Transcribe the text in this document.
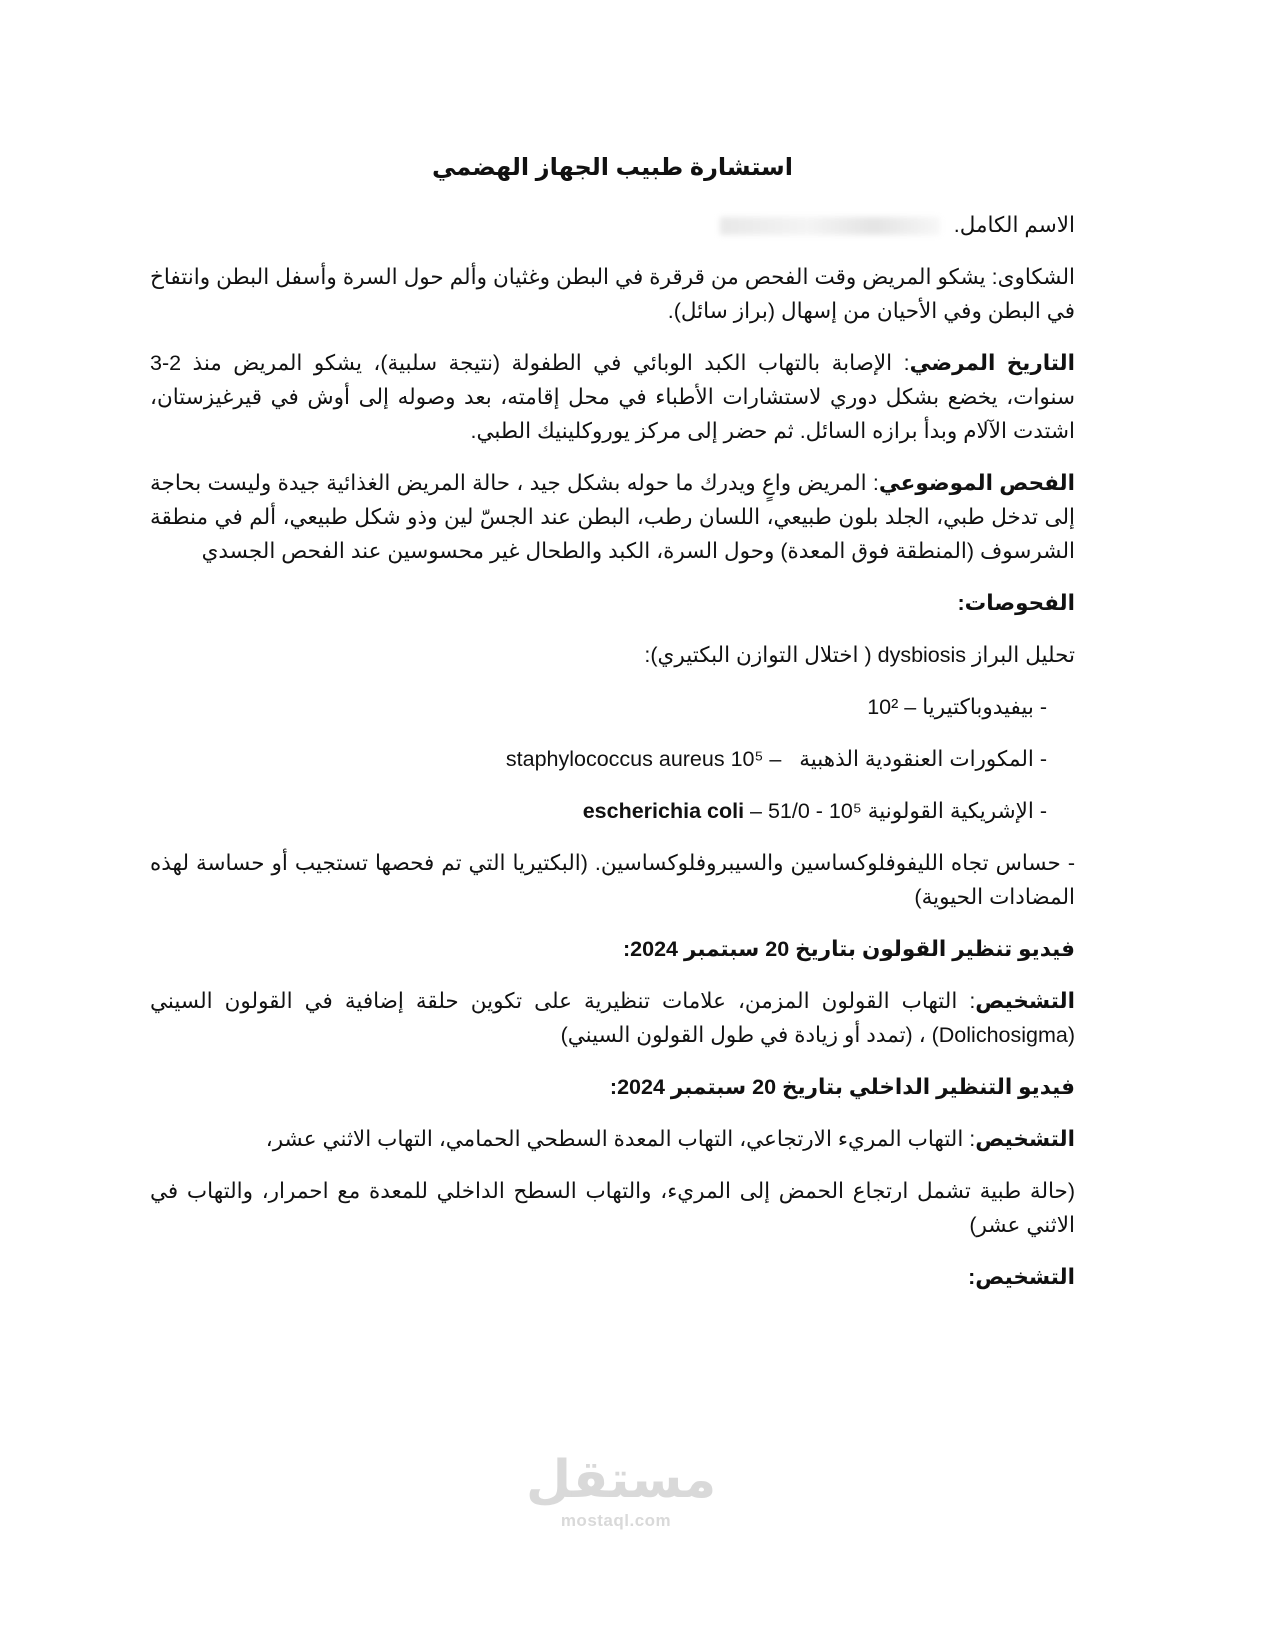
استشارة طبيب الجهاز الهضمي

الاسم الكامل.

الشكاوى: يشكو المريض وقت الفحص من قرقرة في البطن وغثيان وألم حول السرة وأسفل البطن وانتفاخ في البطن وفي الأحيان من إسهال (براز سائل).

التاريخ المرضي: الإصابة بالتهاب الكبد الوبائي في الطفولة (نتيجة سلبية)، يشكو المريض منذ 2-3 سنوات، يخضع بشكل دوري لاستشارات الأطباء في محل إقامته، بعد وصوله إلى أوش في قيرغيزستان، اشتدت الآلام وبدأ برازه السائل. ثم حضر إلى مركز يوروكلينيك الطبي.

الفحص الموضوعي: المريض واعٍ ويدرك ما حوله بشكل جيد ، حالة المريض الغذائية جيدة وليست بحاجة إلى تدخل طبي، الجلد بلون طبيعي، اللسان رطب، البطن عند الجسّ لين وذو شكل طبيعي، ألم في منطقة الشرسوف (المنطقة فوق المعدة) وحول السرة، الكبد والطحال غير محسوسين عند الفحص الجسدي

الفحوصات:

تحليل البراز dysbiosis ( اختلال التوازن البكتيري):

- بيفيدوباكتيريا – 10²

- المكورات العنقودية الذهبية   staphylococcus aureus 10⁵ –

- الإشريكية القولونية escherichia coli – 51/0 - 10⁵

- حساس تجاه الليفوفلوكساسين والسيبروفلوكساسين. (البكتيريا التي تم فحصها تستجيب أو حساسة لهذه المضادات الحيوية)

فيديو تنظير القولون بتاريخ 20 سبتمبر 2024:

التشخيص: التهاب القولون المزمن، علامات تنظيرية على تكوين حلقة إضافية في القولون السيني (Dolichosigma) ، (تمدد أو زيادة في طول القولون السيني)

فيديو التنظير الداخلي بتاريخ 20 سبتمبر 2024:

التشخيص: التهاب المريء الارتجاعي، التهاب المعدة السطحي الحمامي، التهاب الاثني عشر،

(حالة طبية تشمل ارتجاع الحمض إلى المريء، والتهاب السطح الداخلي للمعدة مع احمرار، والتهاب في الاثني عشر)

التشخيص:

مستقل
mostaql.com
